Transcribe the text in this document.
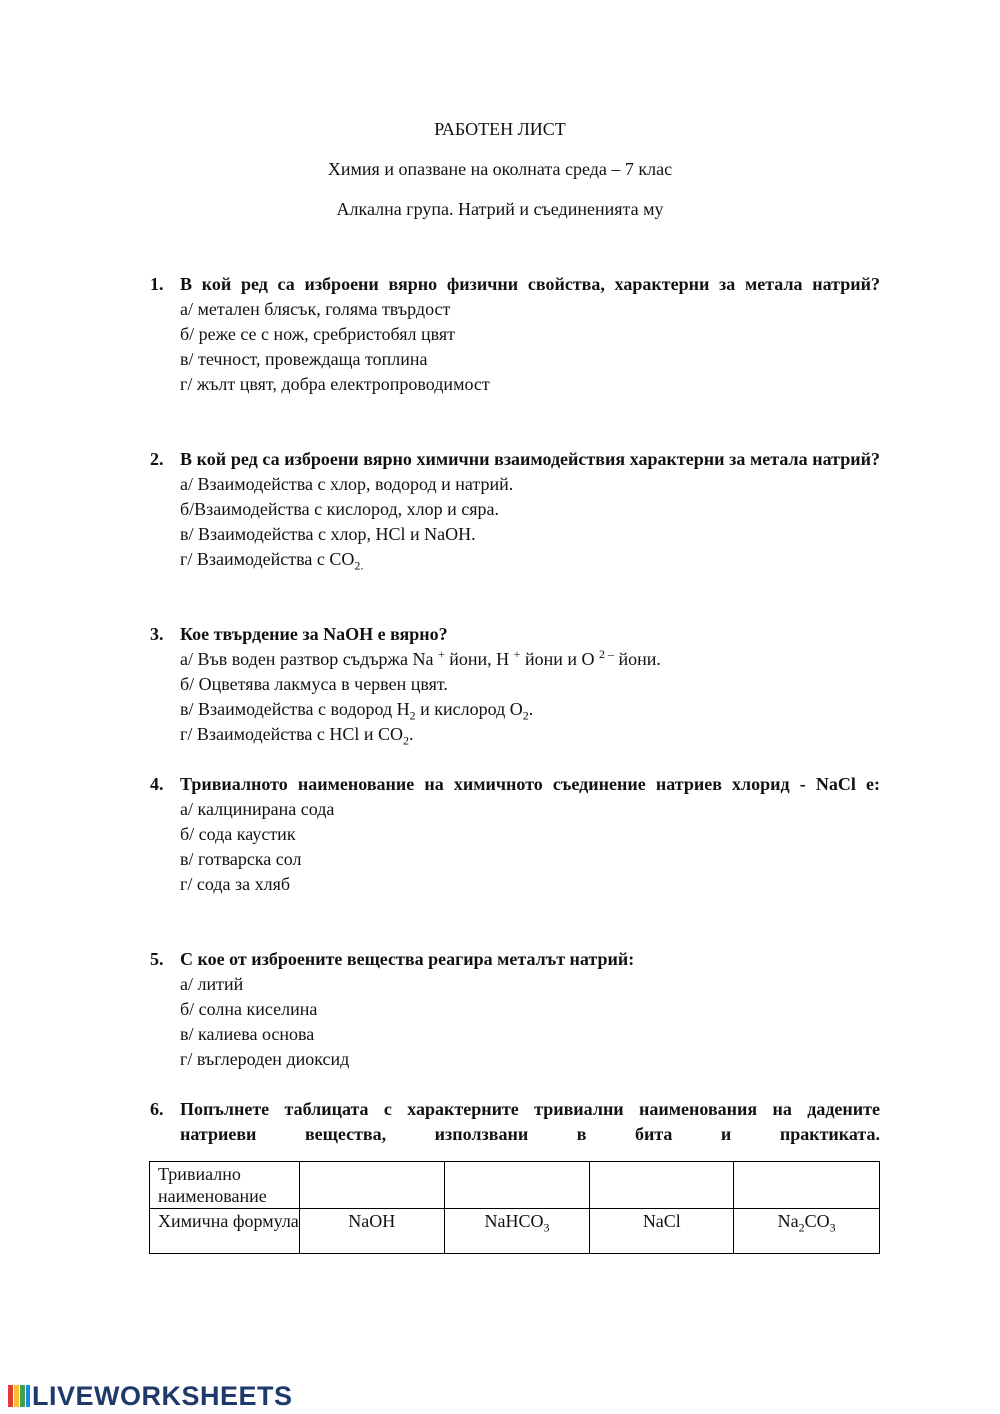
РАБОТЕН ЛИСТ
Химия и опазване на околната среда – 7 клас
Алкална група. Натрий и съединенията му
1. В кой ред са изброени вярно физични свойства, характерни за метала натрий?
а/ метален блясък, голяма твърдост
б/ реже се с нож, сребристобял цвят
в/ течност, провеждаща топлина
г/ жълт цвят, добра електропроводимост
2. В кой ред са изброени вярно химични взаимодействия характерни за метала натрий?
а/ Взаимодейства с хлор, водород и натрий.
б/Взаимодейства с кислород, хлор и сяра.
в/ Взаимодейства с хлор, HCl и NaOH.
г/ Взаимодейства с $CO_{2.}$
3. Кое твърдение за NaOH е вярно?
а/ Във воден разтвор съдържа Na + йони, H + йони и O $^{2 -}$ йони.
б/ Оцветява лакмуса в червен цвят.
в/ Взаимодейства с водород $H_2$ и кислород $O_2$.
г/ Взаимодейства с HCl и $CO_2$.
4. Тривиалното наименование на химичното съединение натриев хлорид - NaCl е:
а/ калцинирана сода
б/ сода каустик
в/ готварска сол
г/ сода за хляб
5. С кое от изброените вещества реагира металът натрий:
а/ литий
б/ солна киселина
в/ калиева основа
г/ въглероден диоксид
6. Попълнете таблицата с характерните тривиални наименования на дадените натриеви вещества, използвани в бита и практиката.
Тривиално наименование				
Химична формула	NaOH	NaHCO$_3$	NaCl	$Na_2CO_3$
LIVEWORKSHEETS
